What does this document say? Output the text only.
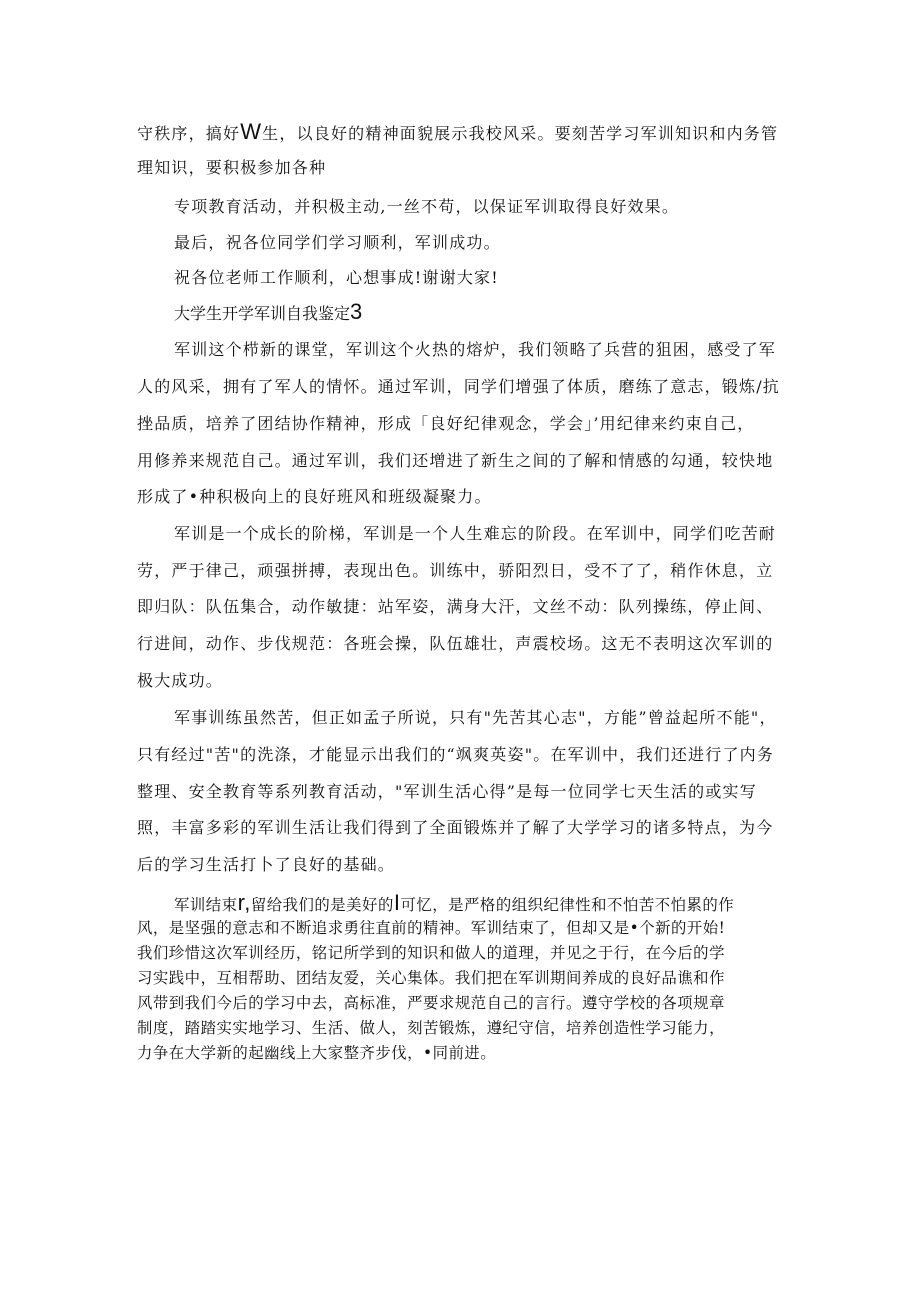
守秩序，搞好W生，以良好的精神面貌展示我校风采。要刻苦学习军训知识和内务管

理知识，要积极参加各种

专项教育活动，并积极主动,一丝不苟，以保证军训取得良好效果。

最后，祝各位同学们学习顺利，军训成功。

祝各位老师工作顺利，心想事成!谢谢大家!

大学生开学军训自我鉴定3

军训这个栉新的课堂，军训这个火热的熔炉，我们领略了兵营的狙困，感受了军

人的风采，拥有了军人的情怀。通过军训，同学们增强了体质，磨练了意志，锻炼/抗

挫品质，培养了团结协作精神，形成「良好纪律观念，学会」’用纪律来约束自己，

用修养来规范自己。通过军训，我们还增进了新生之间的了解和情感的勾通，较快地

形成了•种积极向上的良好班风和班级凝聚力。

军训是一个成长的阶梯，军训是一个人生难忘的阶段。在军训中，同学们吃苦耐

劳，严于律己，顽强拼搏，表现出色。训练中，骄阳烈日，受不了了，稍作休息，立

即归队：队伍集合，动作敏捷：站军姿，满身大汗，文丝不动：队列操练，停止间、

行进间，动作、步伐规范：各班会操，队伍雄壮，声震校场。这无不表明这次军训的

极大成功。

军事训练虽然苦，但正如孟子所说，只有"先苦其心志"，方能”曾益起所不能"，

只有经过"苦"的洗涤，才能显示出我们的“飒爽英姿"。在军训中，我们还进行了内务

整理、安全教育等系列教育活动，"军训生活心得”是每一位同学七天生活的或实写

照，丰富多彩的军训生活让我们得到了全面锻炼并了解了大学学习的诸多特点，为今

后的学习生活打卜了良好的基础。

军训结束r,留给我们的是美好的I可忆，是严格的组织纪律性和不怕苦不怕累的作

风，是坚强的意志和不断追求勇往直前的精神。军训结束了，但却又是•个新的开始!

我们珍惜这次军训经历，铭记所学到的知识和做人的道理，并见之于行，在今后的学

习实践中，互相帮助、团结友爱，关心集体。我们把在军训期间养成的良好品谯和作

风带到我们今后的学习中去，高标准，严要求规范自己的言行。遵守学校的各项规章

制度，踏踏实实地学习、生活、做人，刻苦锻炼，遵纪守信，培养创造性学习能力，

力争在大学新的起幽线上大家整齐步伐，•同前进。
